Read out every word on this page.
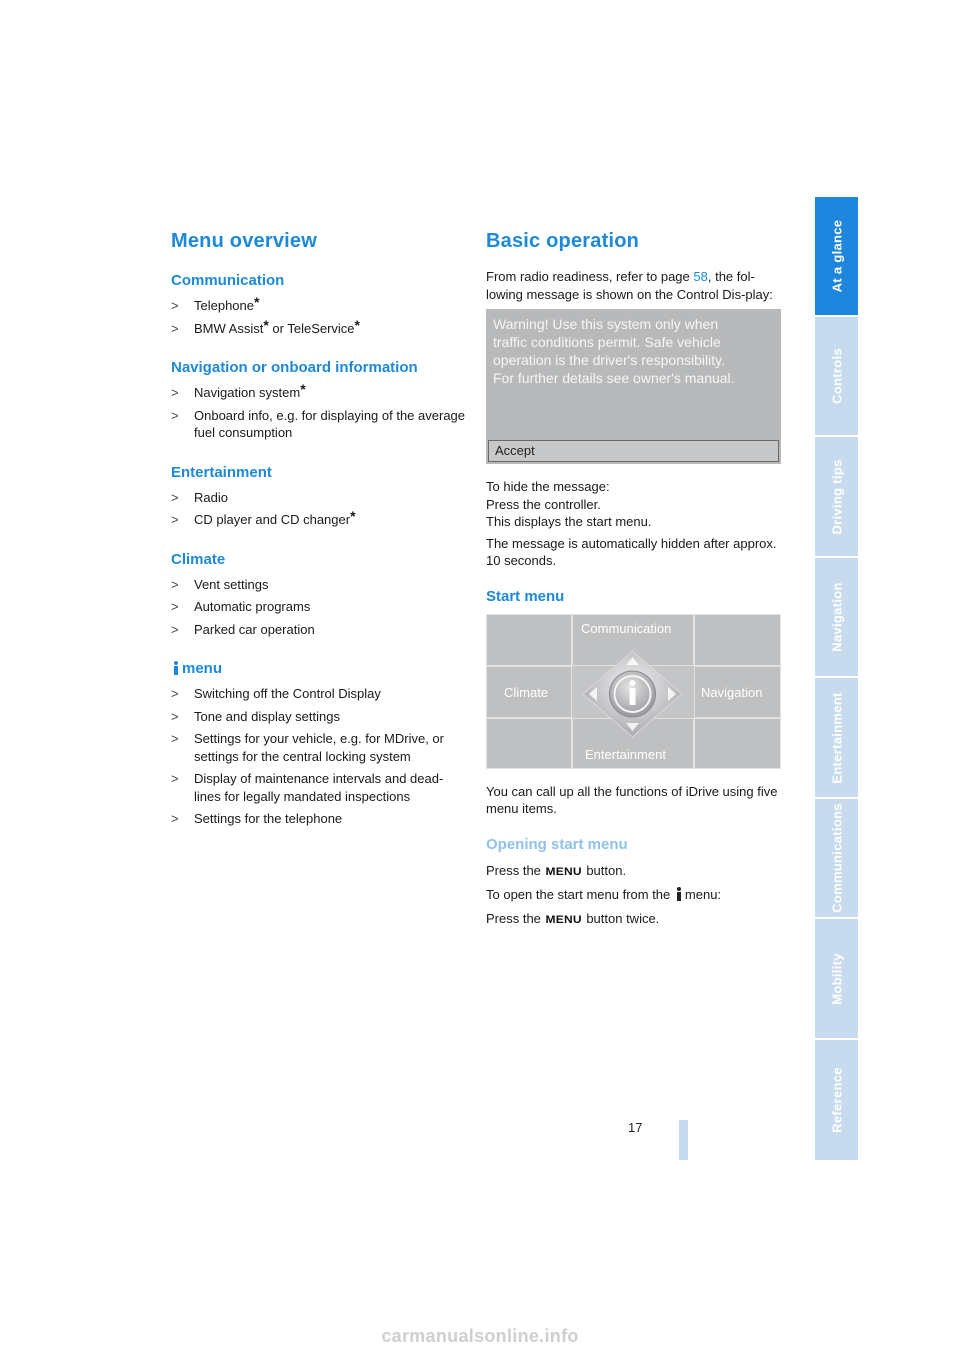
Menu overview
Communication
> Telephone*
> BMW Assist* or TeleService*
Navigation or onboard information
> Navigation system*
> Onboard info, e.g. for displaying of the average fuel consumption
Entertainment
> Radio
> CD player and CD changer*
Climate
> Vent settings
> Automatic programs
> Parked car operation
menu
> Switching off the Control Display
> Tone and display settings
> Settings for your vehicle, e.g. for MDrive, or settings for the central locking system
> Display of maintenance intervals and dead-lines for legally mandated inspections
> Settings for the telephone
Basic operation

From radio readiness, refer to page 58, the fol-lowing message is shown on the Control Dis-play:

Warning! Use this system only when
traffic conditions permit. Safe vehicle
operation is the driver's responsibility.
For further details see owner's manual.
Accept

To hide the message:
Press the controller.
This displays the start menu.

The message is automatically hidden after approx. 10 seconds.

Start menu
Communication
Climate	Navigation
Entertainment

You can call up all the functions of iDrive using five menu items.

Opening start menu

Press the MENU button.

To open the start menu from the menu:

Press the MENU button twice.

At a glance
Controls
Driving tips
Navigation
Entertainment
Communications
Mobility
Reference
17
carmanualsonline.info
